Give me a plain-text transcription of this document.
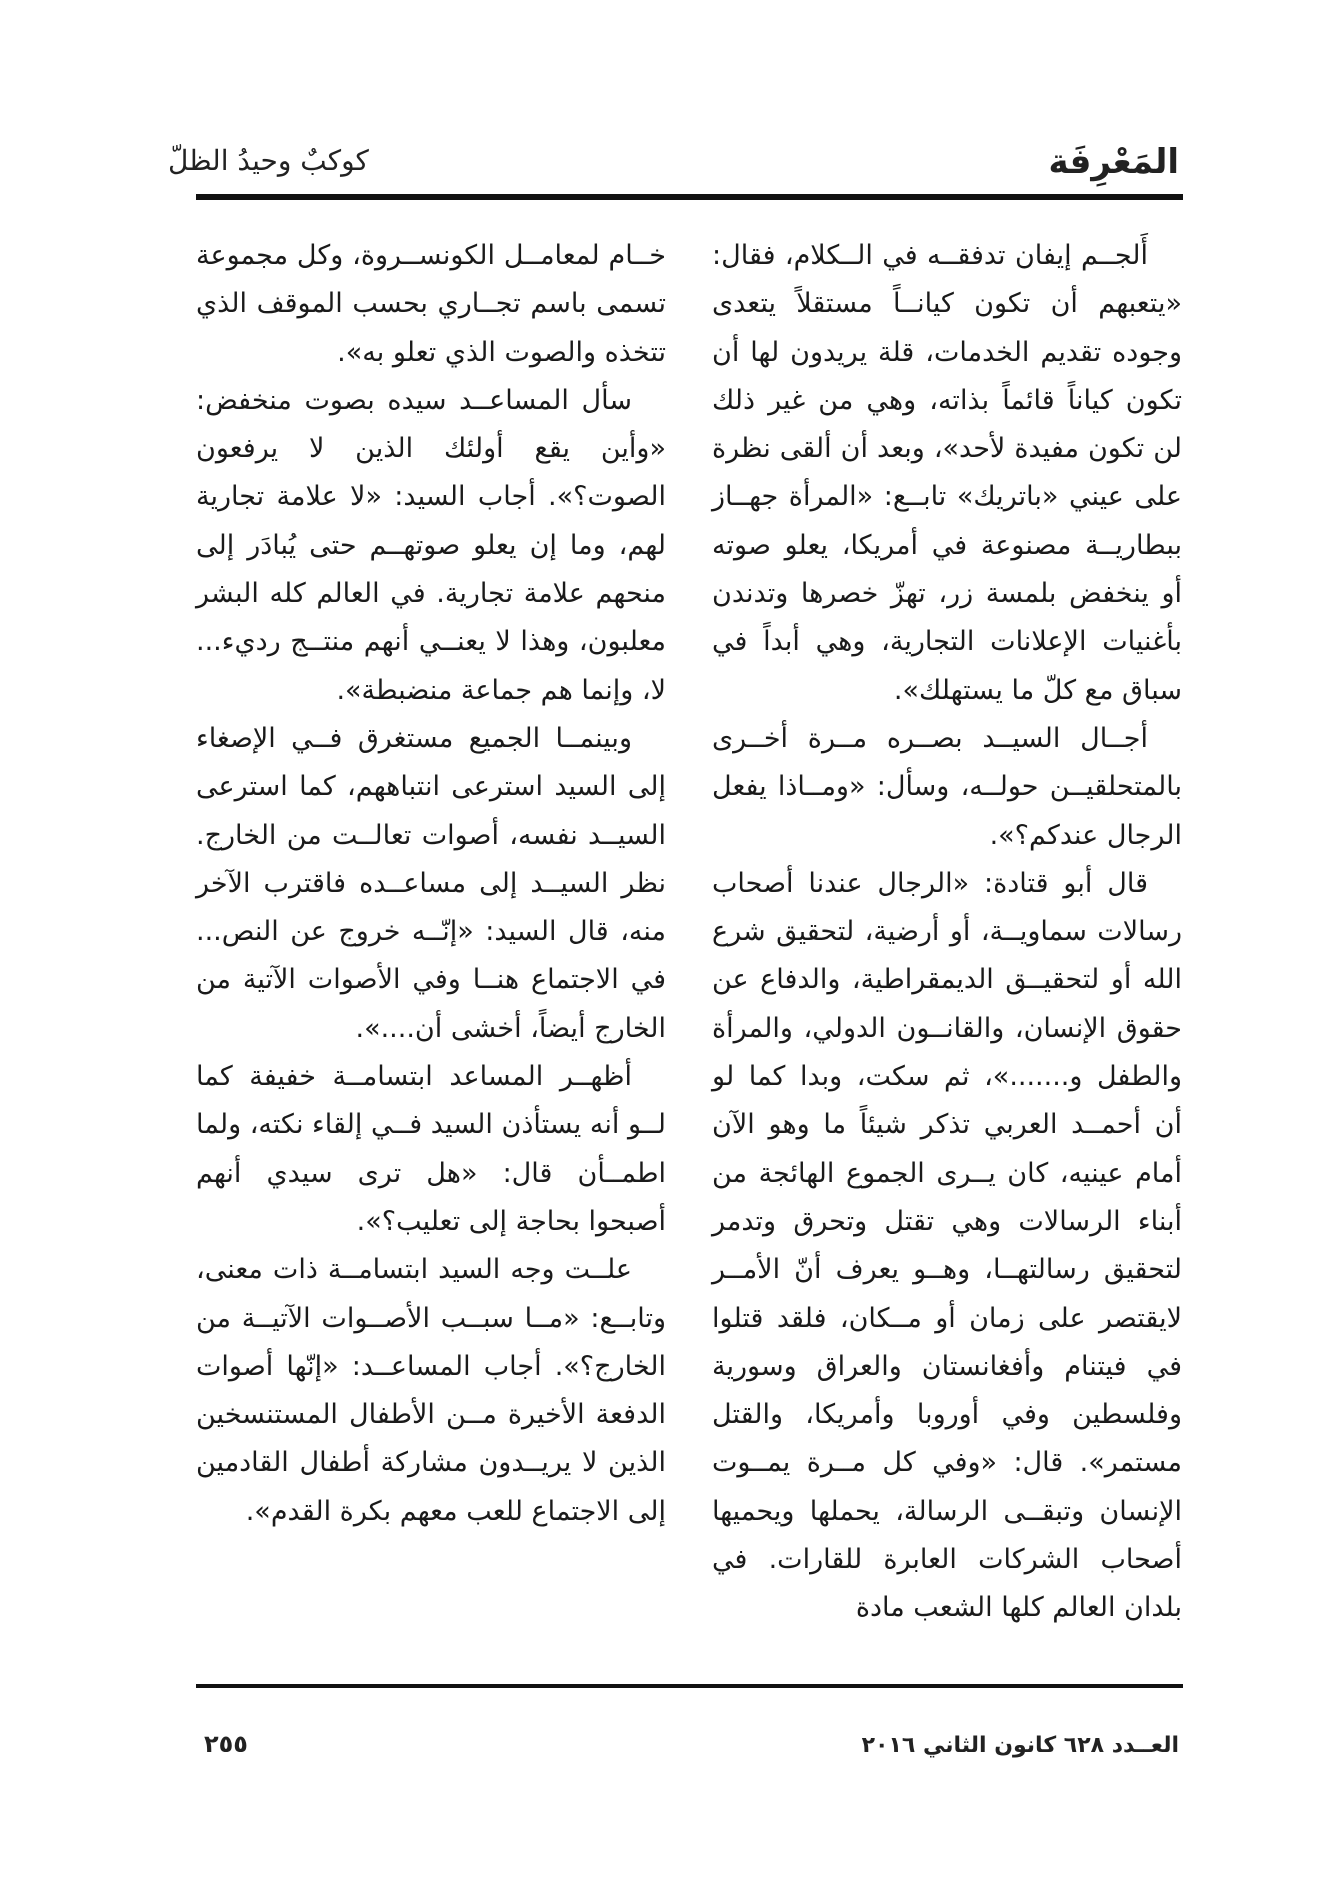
المَعْرِفَة
كوكبٌ وحيدُ الظلّ

أَلجــم إيفان تدفقــه في الــكلام، فقال: «يتعبهم أن تكون كيانــاً مستقلاً يتعدى وجوده تقديم الخدمات، قلة يريدون لها أن تكون كياناً قائماً بذاته، وهي من غير ذلك لن تكون مفيدة لأحد»، وبعد أن ألقى نظرة على عيني «باتريك» تابــع: «المرأة جهــاز ببطاريــة مصنوعة في أمريكا، يعلو صوته أو ينخفض بلمسة زر، تهزّ خصرها وتدندن بأغنيات الإعلانات التجارية، وهي أبداً في سباق مع كلّ ما يستهلك».

أجــال السيــد بصــره مــرة أخــرى بالمتحلقيــن حولــه، وسأل: «ومــاذا يفعل الرجال عندكم؟».

قال أبو قتادة: «الرجال عندنا أصحاب رسالات سماويــة، أو أرضية، لتحقيق شرع الله أو لتحقيــق الديمقراطية، والدفاع عن حقوق الإنسان، والقانــون الدولي، والمرأة والطفل و.......»، ثم سكت، وبدا كما لو أن أحمــد العربي تذكر شيئاً ما وهو الآن أمام عينيه، كان يــرى الجموع الهائجة من أبناء الرسالات وهي تقتل وتحرق وتدمر لتحقيق رسالتهــا، وهــو يعرف أنّ الأمــر لايقتصر على زمان أو مــكان، فلقد قتلوا في فيتنام وأفغانستان والعراق وسورية وفلسطين وفي أوروبا وأمريكا، والقتل مستمر». قال: «وفي كل مــرة يمــوت الإنسان وتبقــى الرسالة، يحملها ويحميها أصحاب الشركات العابرة للقارات. في بلدان العالم كلها الشعب مادة

خــام لمعامــل الكونســروة، وكل مجموعة تسمى باسم تجــاري بحسب الموقف الذي تتخذه والصوت الذي تعلو به».

سأل المساعــد سيده بصوت منخفض: «وأين يقع أولئك الذين لا يرفعون الصوت؟». أجاب السيد: «لا علامة تجارية لهم، وما إن يعلو صوتهــم حتى يُبادَر إلى منحهم علامة تجارية. في العالم كله البشر معلبون، وهذا لا يعنــي أنهم منتــج رديء... لا، وإنما هم جماعة منضبطة».

وبينمــا الجميع مستغرق فــي الإصغاء إلى السيد استرعى انتباههم، كما استرعى السيــد نفسه، أصوات تعالــت من الخارج. نظر السيــد إلى مساعــده فاقترب الآخر منه، قال السيد: «إنّــه خروج عن النص... في الاجتماع هنــا وفي الأصوات الآتية من الخارج أيضاً، أخشى أن....».

أظهــر المساعد ابتسامــة خفيفة كما لــو أنه يستأذن السيد فــي إلقاء نكته، ولما اطمــأن قال: «هل ترى سيدي أنهم أصبحوا بحاجة إلى تعليب؟».

علــت وجه السيد ابتسامــة ذات معنى، وتابــع: «مــا سبــب الأصــوات الآتيــة من الخارج؟». أجاب المساعــد: «إنّها أصوات الدفعة الأخيرة مــن الأطفال المستنسخين الذين لا يريــدون مشاركة أطفال القادمين إلى الاجتماع للعب معهم بكرة القدم».

العــدد ٦٢٨ كانون الثاني ٢٠١٦
٢٥٥
